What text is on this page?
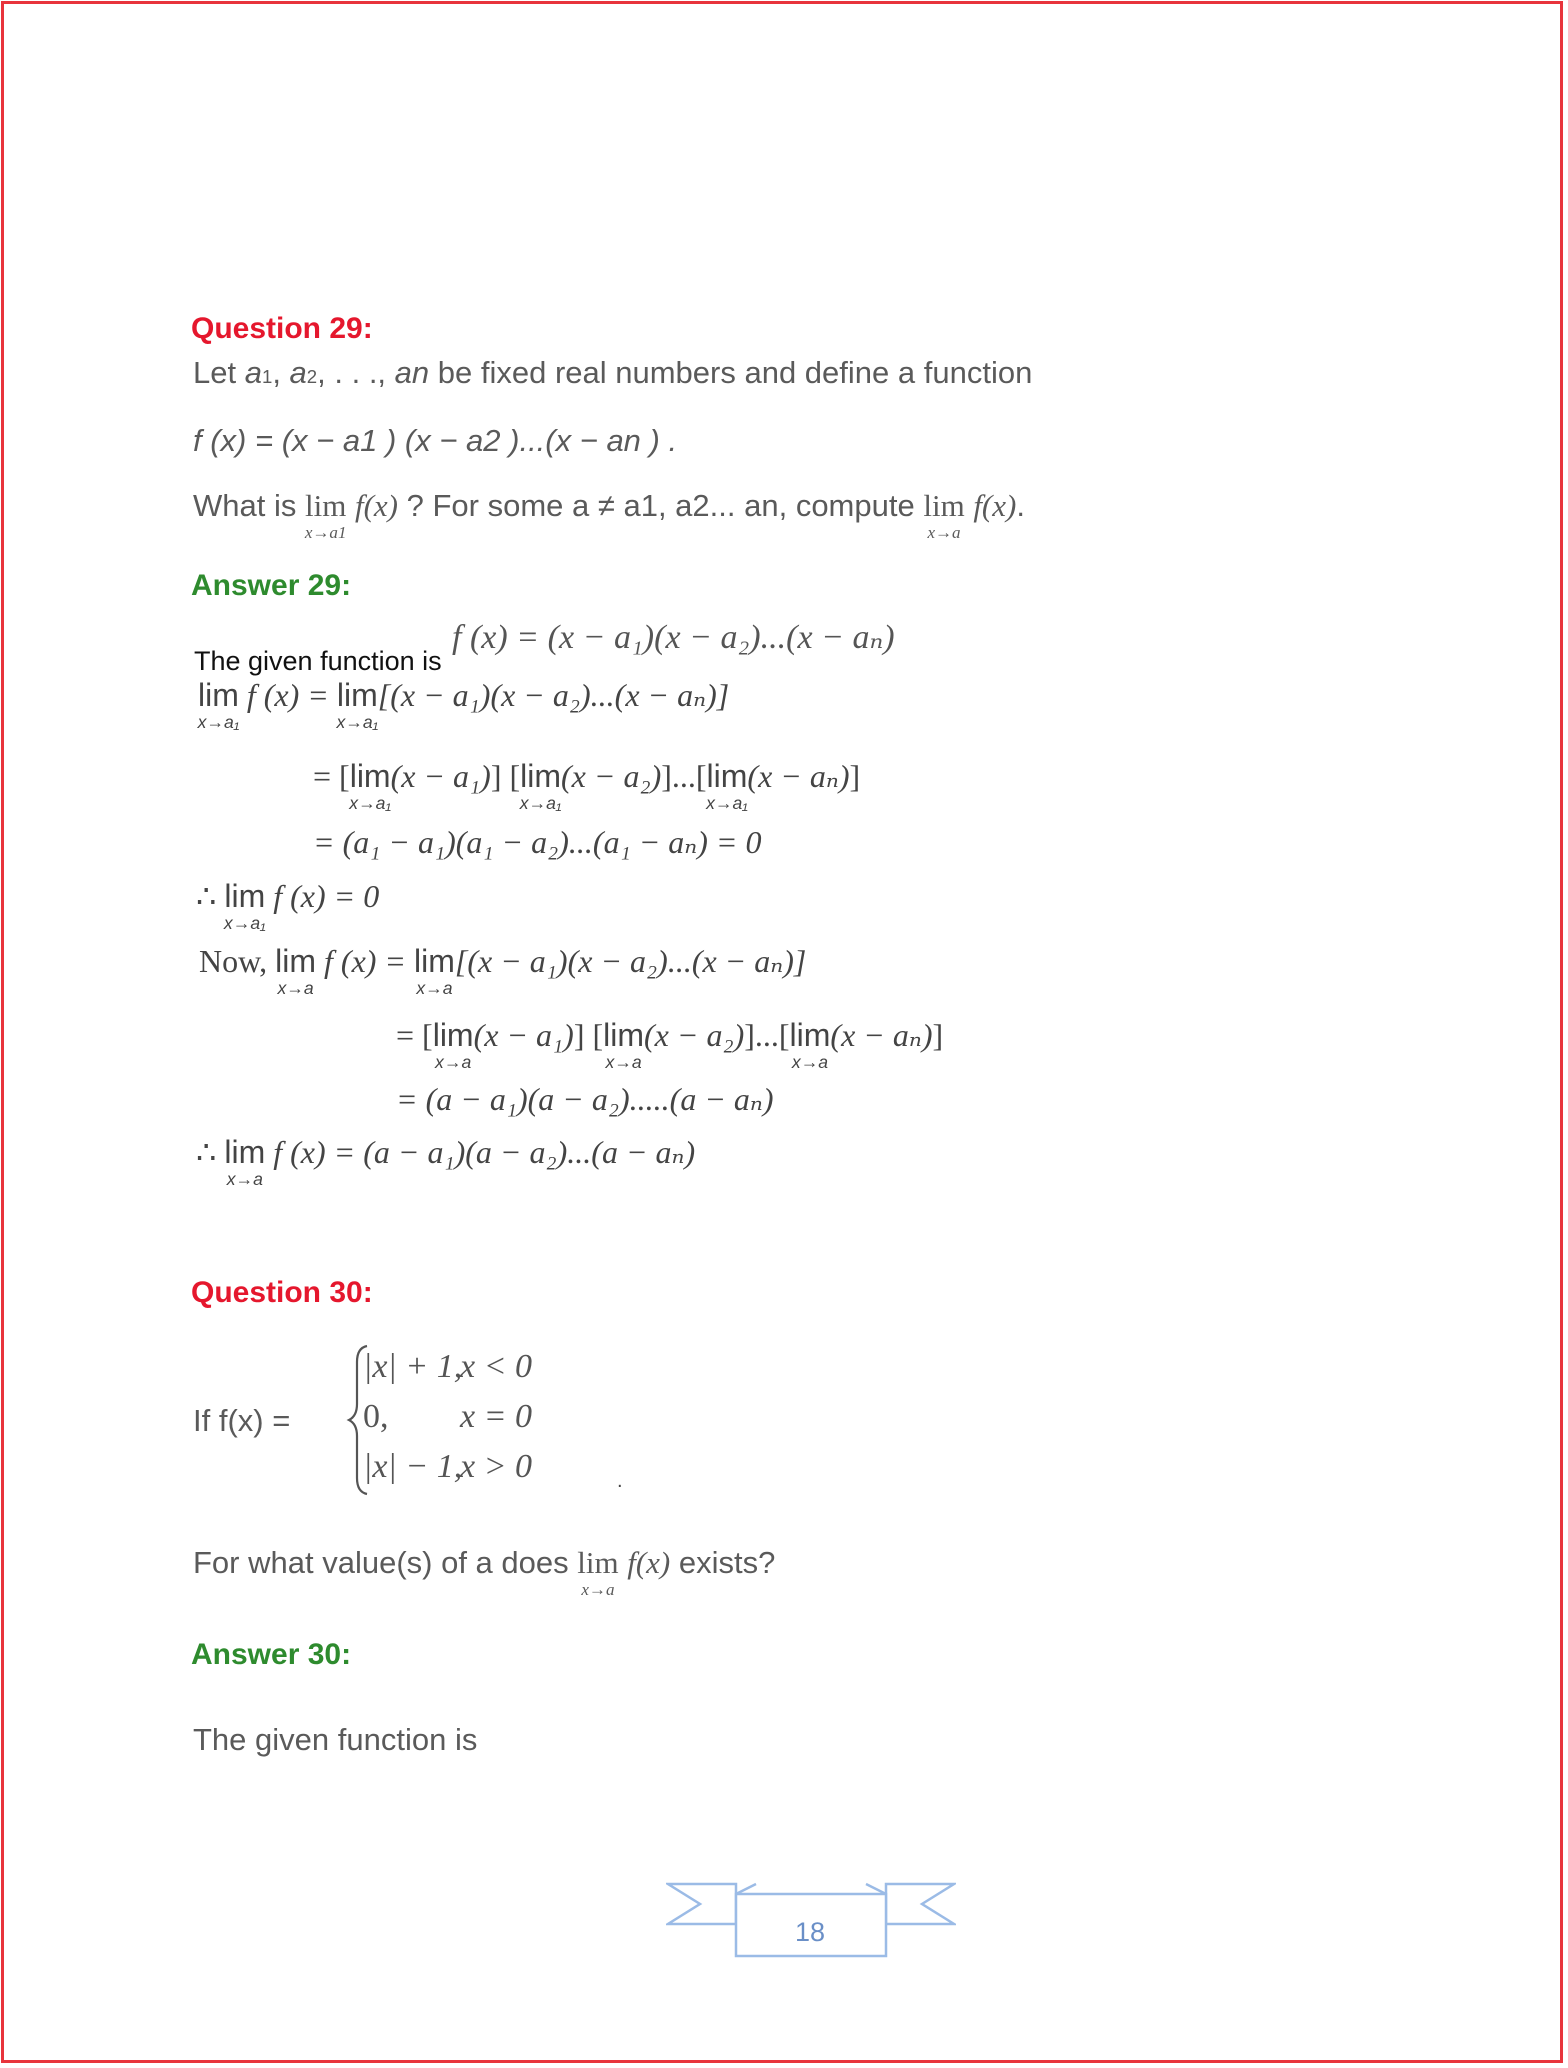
Question 29:
Let a1, a2, . . ., an be fixed real numbers and define a function
f (x) = (x − a1 ) (x − a2 )...(x − an ) .
What is lim
x→a1
f(x) ? For some a ≠ a1, a2... an, compute lim
x→a
f(x).
Answer 29:
The given function is
f (x) = (x − a₁)(x − a₂)...(x − aₙ)
lim
x→a₁
f (x) = lim
x→a₁
[(x − a₁)(x − a₂)...(x − aₙ)]
= [lim
x→a₁
(x − a₁)] [lim
x→a₁
(x − a₂)]...[lim
x→a₁
(x − aₙ)]
= (a₁ − a₁)(a₁ − a₂)...(a₁ − aₙ) = 0
∴ lim
x→a₁
f (x) = 0
Now, lim
x→a
f (x) = lim
x→a
[(x − a₁)(x − a₂)...(x − aₙ)]
= [lim
x→a
(x − a₁)] [lim
x→a
(x − a₂)]...[lim
x→a
(x − aₙ)]
= (a − a₁)(a − a₂).....(a − aₙ)
∴ lim
x→a
f (x) = (a − a₁)(a − a₂)...(a − aₙ)
Question 30:
If f(x) =
|x| + 1,
x < 0
0, x = 0
|x| − 1,
x > 0	.
For what value(s) of a does lim
x→a
f(x) exists?
Answer 30:
The given function is
18
